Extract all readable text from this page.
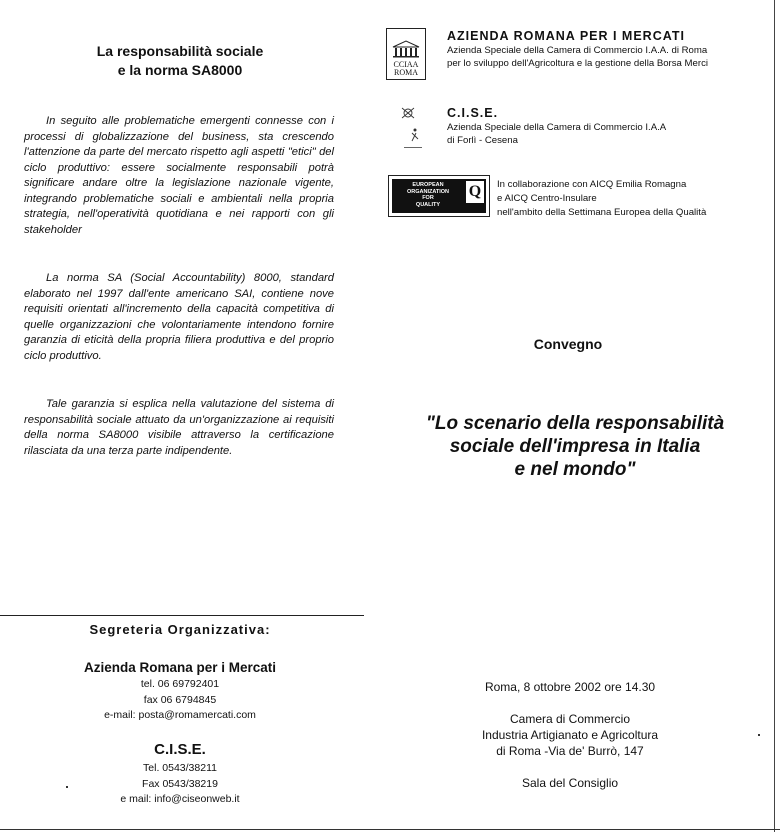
La responsabilità sociale
e la norma SA8000
In seguito alle problematiche emergenti connesse con i processi di globalizzazione del business, sta crescendo l'attenzione da parte del mercato rispetto agli aspetti "etici" del ciclo produttivo: essere socialmente responsabili potrà significare andare oltre la legislazione nazionale vigente, integrando problematiche sociali e ambientali nella propria strategia, nell'operatività quotidiana e nei rapporti con gli stakeholder
La norma SA (Social Accountability) 8000, standard elaborato nel 1997 dall'ente americano SAI, contiene nove requisiti orientati all'incremento della capacità competitiva di quelle organizzazioni che volontariamente intendono fornire garanzia di eticità della propria filiera produttiva e del proprio ciclo produttivo.
Tale garanzia si esplica nella valutazione del sistema di responsabilità sociale attuato da un'organizzazione ai requisiti della norma SA8000 visibile attraverso la certificazione rilasciata da una terza parte indipendente.
Segreteria Organizzativa:
Azienda Romana per i Mercati
tel. 06 69792401
fax 06 6794845
e-mail: posta@romamercati.com
C.I.S.E.
Tel. 0543/38211
Fax 0543/38219
e mail: info@ciseonweb.it
CCIAA
ROMA
AZIENDA ROMANA PER I MERCATI
Azienda Speciale della Camera di Commercio I.A.A. di Roma
per lo sviluppo dell'Agricoltura e la gestione della Borsa Merci
C.I.S.E.
Azienda Speciale della Camera di Commercio I.A.A
di Forlì - Cesena
EUROPEAN
ORGANIZATION
FOR
QUALITY
Q In collaborazione con AICQ Emilia Romagna
e AICQ Centro-Insulare
nell'ambito della Settimana Europea della Qualità
Convegno
"Lo scenario della responsabilità
sociale dell'impresa in Italia
e nel mondo"
Roma, 8 ottobre 2002 ore 14.30
Camera di Commercio
Industria Artigianato e Agricoltura
di Roma -Via de' Burrò, 147
Sala del Consiglio
